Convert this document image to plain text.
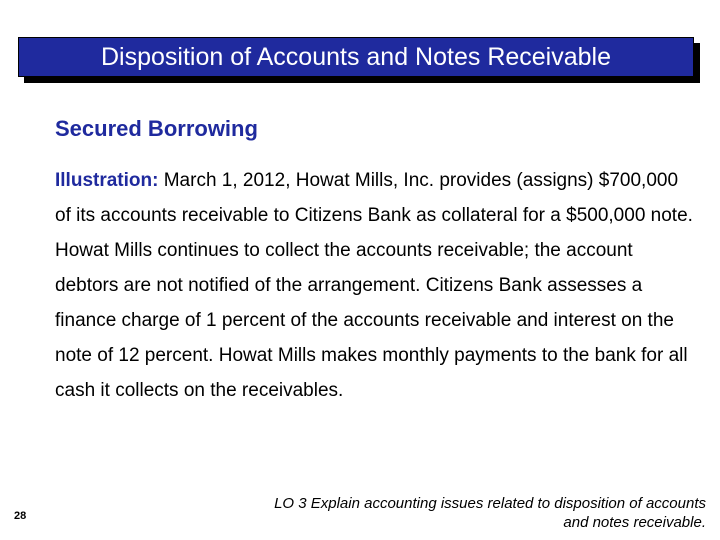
Disposition of Accounts and Notes Receivable
Secured Borrowing
Illustration: March 1, 2012, Howat Mills, Inc. provides (assigns) $700,000 of its accounts receivable to Citizens Bank as collateral for a $500,000 note. Howat Mills continues to collect the accounts receivable; the account debtors are not notified of the arrangement. Citizens Bank assesses a finance charge of 1 percent of the accounts receivable and interest on the note of 12 percent. Howat Mills makes monthly payments to the bank for all cash it collects on the receivables.
28
LO 3 Explain accounting issues related to disposition of accounts and notes receivable.
